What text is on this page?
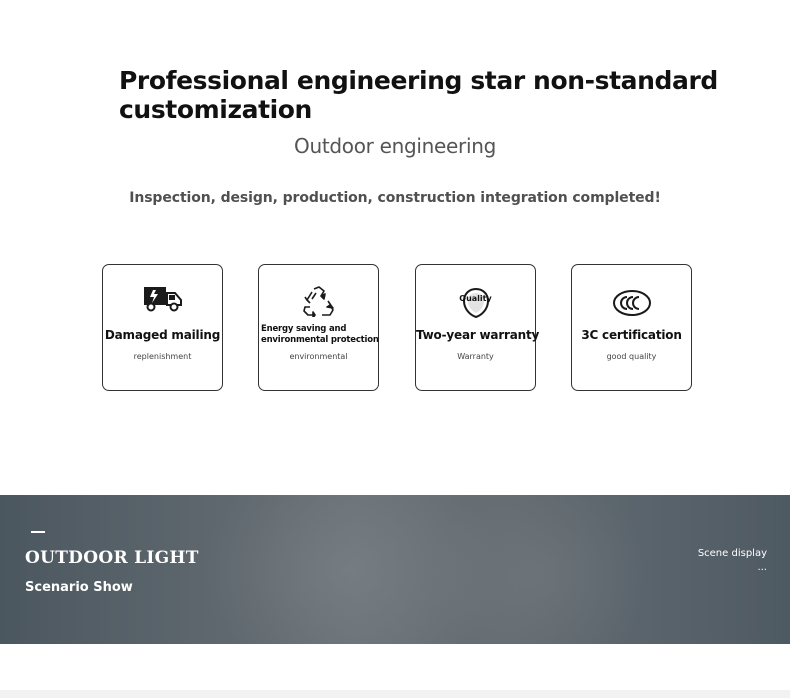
Professional engineering star non-standard customization
Outdoor engineering
Inspection, design, production, construction integration completed!
Damaged mailing
replenishment
Energy saving and environmental protection
environmental
Quality
Two-year warranty
Warranty
3C certification
good quality
OUTDOOR LIGHT
Scenario Show
Scene display
...
